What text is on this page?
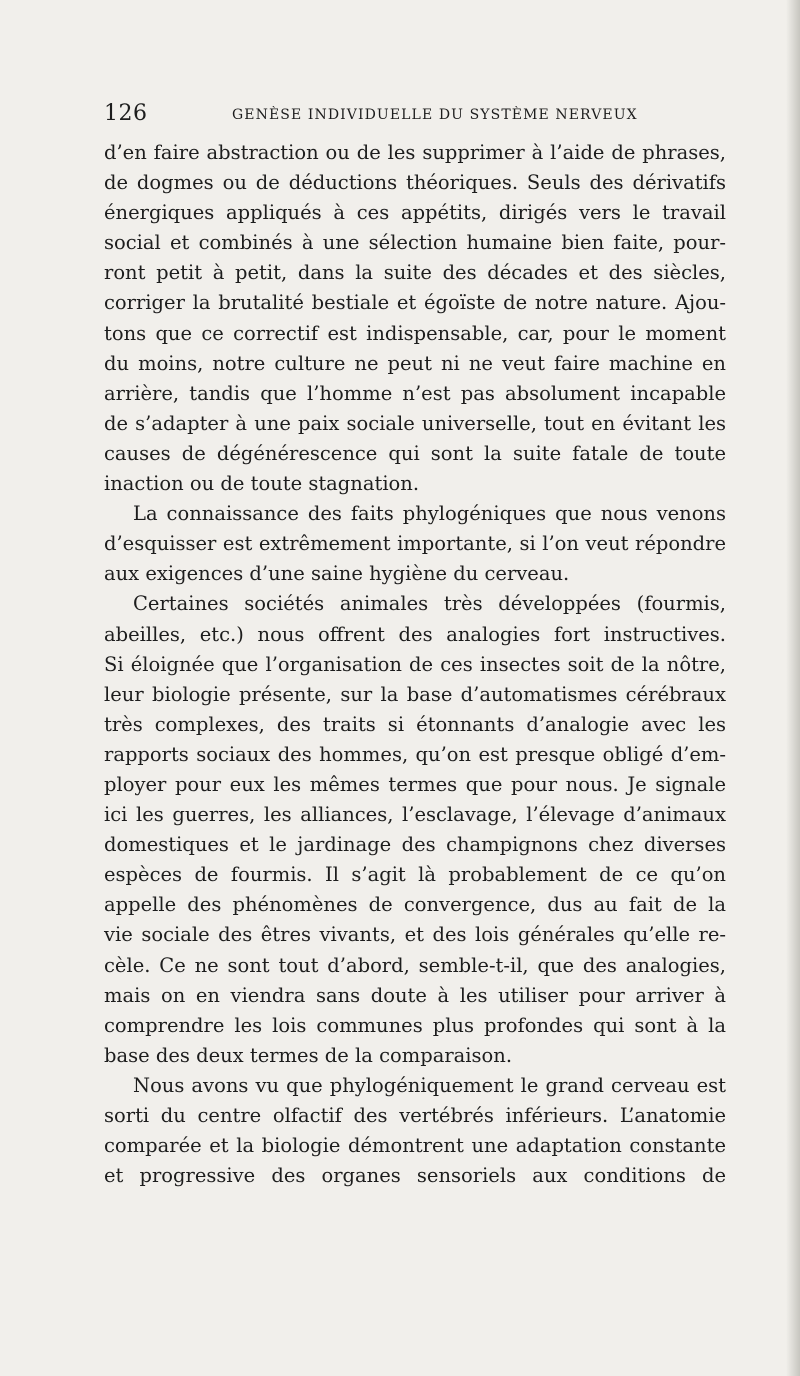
126	GENÈSE INDIVIDUELLE DU SYSTÈME NERVEUX
d’en faire abstraction ou de les supprimer à l’aide de phrases,
de dogmes ou de déductions théoriques. Seuls des dérivatifs
énergiques appliqués à ces appétits, dirigés vers le travail
social et combinés à une sélection humaine bien faite, pour-
ront petit à petit, dans la suite des décades et des siècles,
corriger la brutalité bestiale et égoïste de notre nature. Ajou-
tons que ce correctif est indispensable, car, pour le moment
du moins, notre culture ne peut ni ne veut faire machine en
arrière, tandis que l’homme n’est pas absolument incapable
de s’adapter à une paix sociale universelle, tout en évitant les
causes de dégénérescence qui sont la suite fatale de toute
inaction ou de toute stagnation.
La connaissance des faits phylogéniques que nous venons
d’esquisser est extrêmement importante, si l’on veut répondre
aux exigences d’une saine hygiène du cerveau.
Certaines sociétés animales très développées (fourmis,
abeilles, etc.) nous offrent des analogies fort instructives.
Si éloignée que l’organisation de ces insectes soit de la nôtre,
leur biologie présente, sur la base d’automatismes cérébraux
très complexes, des traits si étonnants d’analogie avec les
rapports sociaux des hommes, qu’on est presque obligé d’em-
ployer pour eux les mêmes termes que pour nous. Je signale
ici les guerres, les alliances, l’esclavage, l’élevage d’animaux
domestiques et le jardinage des champignons chez diverses
espèces de fourmis. Il s’agit là probablement de ce qu’on
appelle des phénomènes de convergence, dus au fait de la
vie sociale des êtres vivants, et des lois générales qu’elle re-
cèle. Ce ne sont tout d’abord, semble-t-il, que des analogies,
mais on en viendra sans doute à les utiliser pour arriver à
comprendre les lois communes plus profondes qui sont à la
base des deux termes de la comparaison.
Nous avons vu que phylogéniquement le grand cerveau est
sorti du centre olfactif des vertébrés inférieurs. L’anatomie
comparée et la biologie démontrent une adaptation constante
et progressive des organes sensoriels aux conditions de
